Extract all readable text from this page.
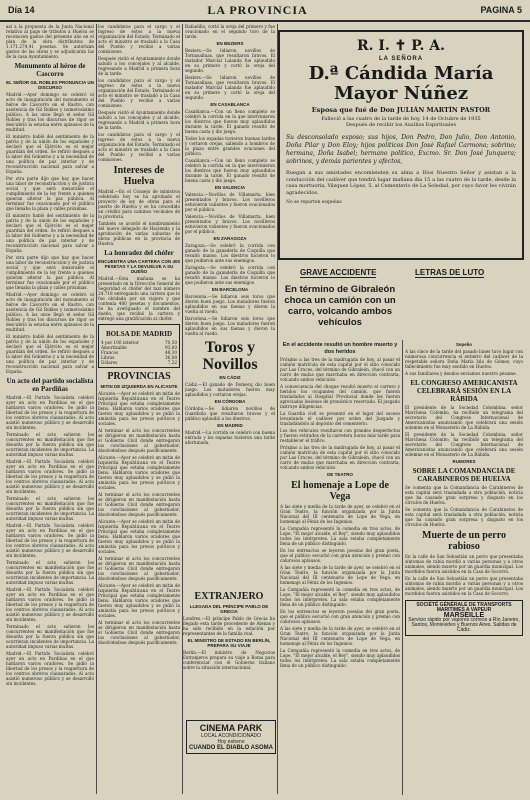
Día 14	LA PROVINCIA	PAGINA 5

así a la propuesta de la Junta Nacional relativa al pago de tributos a Huelva se reconocen gastos del presente año en el plan de la obra distributiva de 1.171.274,41 pesetas. Se autorizan gastos de las obras y se adjudicarán las de la casa Ayuntamiento.

Monumento al héroe de Cascorro
EL SEÑOR GIL ROBLES PRONUNCIA UN DISCURSO

Madrid.—Ayer domingo se celebró el acto de inauguración del monumento al héroe de Cascorro en el Rastro, con asistencia de Gil Robles y numerosísimo público. A las once llegó el señor Gil Robles y tras los discursos de rigor se descubrió la estatua entre aplausos de la multitud.

El ministro habló del sentimiento de la patria y de la unión de los españoles y declaró que el Ejército es el mejor guardián del orden. Se refirió después a la labor del Gobierno y a la necesidad de una política de paz interior y de reconstrucción nacional para salvar a España.

Por otra parte dijo que hay que hacer una labor de reconstrucción y de justicia social y que será inexorable el cumplimiento de la ley frente a quienes quieran alterar la paz pública. Al terminar fue ovacionado por el público que llenaba la plaza y calles próximas.

El ministro habló del sentimiento de la patria y de la unión de los españoles y declaró que el Ejército es el mejor guardián del orden. Se refirió después a la labor del Gobierno y a la necesidad de una política de paz interior y de reconstrucción nacional para salvar a España.

Por otra parte dijo que hay que hacer una labor de reconstrucción y de justicia social y que será inexorable el cumplimiento de la ley frente a quienes quieran alterar la paz pública. Al terminar fue ovacionado por el público que llenaba la plaza y calles próximas.

Madrid.—Ayer domingo se celebró el acto de inauguración del monumento al héroe de Cascorro en el Rastro, con asistencia de Gil Robles y numerosísimo público. A las once llegó el señor Gil Robles y tras los discursos de rigor se descubrió la estatua entre aplausos de la multitud.

El ministro habló del sentimiento de la patria y de la unión de los españoles y declaró que el Ejército es el mejor guardián del orden. Se refirió después a la labor del Gobierno y a la necesidad de una política de paz interior y de reconstrucción nacional para salvar a España.

Un acto del partido socialista en Pardiñas

Madrid.—El Partido Socialista celebró ayer un acto en Pardiñas en el que hablaron varios oradores. Se pidió la libertad de los presos y la reapertura de los centros obreros clausurados. Al acto asistió numeroso público y se desarrolló sin incidentes.

Terminado el acto salieron los concurrentes en manifestación que fue disuelta por la fuerza pública sin que ocurrieran incidentes de importancia. La autoridad impuso varias multas.

Madrid.—El Partido Socialista celebró ayer un acto en Pardiñas en el que hablaron varios oradores. Se pidió la libertad de los presos y la reapertura de los centros obreros clausurados. Al acto asistió numeroso público y se desarrolló sin incidentes.

Terminado el acto salieron los concurrentes en manifestación que fue disuelta por la fuerza pública sin que ocurrieran incidentes de importancia. La autoridad impuso varias multas.

Madrid.—El Partido Socialista celebró ayer un acto en Pardiñas en el que hablaron varios oradores. Se pidió la libertad de los presos y la reapertura de los centros obreros clausurados. Al acto asistió numeroso público y se desarrolló sin incidentes.

Terminado el acto salieron los concurrentes en manifestación que fue disuelta por la fuerza pública sin que ocurrieran incidentes de importancia. La autoridad impuso varias multas.

Madrid.—El Partido Socialista celebró ayer un acto en Pardiñas en el que hablaron varios oradores. Se pidió la libertad de los presos y la reapertura de los centros obreros clausurados. Al acto asistió numeroso público y se desarrolló sin incidentes.

Terminado el acto salieron los concurrentes en manifestación que fue disuelta por la fuerza pública sin que ocurrieran incidentes de importancia. La autoridad impuso varias multas.

Madrid.—El Partido Socialista celebró ayer un acto en Pardiñas en el que hablaron varios oradores. Se pidió la libertad de los presos y la reapertura de los centros obreros clausurados. Al acto asistió numeroso público y se desarrolló sin incidentes.

los candidatos para el cargo y el ingreso de éstos a la nueva organización del Estado. Terminado el acto el ministro se trasladó a la Casa del Pueblo y recibió a varias comisiones.

Después visitó el Ayuntamiento donde saludó a los concejales y al alcalde, regresando a Madrid a primera hora de la tarde.

los candidatos para el cargo y el ingreso de éstos a la nueva organización del Estado. Terminado el acto el ministro se trasladó a la Casa del Pueblo y recibió a varias comisiones.

Después visitó el Ayuntamiento donde saludó a los concejales y al alcalde, regresando a Madrid a primera hora de la tarde.

los candidatos para el cargo y el ingreso de éstos a la nueva organización del Estado. Terminado el acto el ministro se trasladó a la Casa del Pueblo y recibió a varias comisiones.

Intereses de Huelva

Madrid.—En el Consejo de ministros celebrado hoy se ha aprobado el proyecto de ley de obras para el puerto de Huelva y se ha concedido un crédito para caminos vecinales de la provincia.

También se acordó el nombramiento del nuevo delegado de Hacienda y la aprobación de varias subastas de obras públicas en la provincia de Huelva.

La honradez del chófer
ENCUENTRA UNA CARTERA CON 400 PESETAS Y LA DEVUELVE A SU DUEÑO

Madrid.—Esta mañana se ha presentado en la Dirección General de Seguridad el chófer del taxi número 24.718 entregando una cartera que le fue olvidada por un viajero y que contenía 400 pesetas y documentos. Se ha averiguado el nombre del dueño, que recibió la cartera y entregó una gratificación al chófer.

BOLSA DE MADRID
4 por 100 interior	70,50
Amortizable	93,00
Francos	48,30
Libras	36,08
Dólares	7,32
PROVINCIAS
MITIN DE IZQUIERDA EN ALICANTE

Alicante.—Ayer se celebró un mitin de Izquierda Republicana en el Teatro Principal que estaba completamente lleno. Hablaron varios oradores que fueron muy aplaudidos y se pidió la amnistía para los presos políticos y sociales.

Al terminar el acto los concurrentes se dirigieron en manifestación hasta el Gobierno Civil donde entregaron las conclusiones al gobernador, disolviéndose después pacíficamente.

Alicante.—Ayer se celebró un mitin de Izquierda Republicana en el Teatro Principal que estaba completamente lleno. Hablaron varios oradores que fueron muy aplaudidos y se pidió la amnistía para los presos políticos y sociales.

Al terminar el acto los concurrentes se dirigieron en manifestación hasta el Gobierno Civil donde entregaron las conclusiones al gobernador, disolviéndose después pacíficamente.

Alicante.—Ayer se celebró un mitin de Izquierda Republicana en el Teatro Principal que estaba completamente lleno. Hablaron varios oradores que fueron muy aplaudidos y se pidió la amnistía para los presos políticos y sociales.

Al terminar el acto los concurrentes se dirigieron en manifestación hasta el Gobierno Civil donde entregaron las conclusiones al gobernador, disolviéndose después pacíficamente.

Alicante.—Ayer se celebró un mitin de Izquierda Republicana en el Teatro Principal que estaba completamente lleno. Hablaron varios oradores que fueron muy aplaudidos y se pidió la amnistía para los presos políticos y sociales.

Al terminar el acto los concurrentes se dirigieron en manifestación hasta el Gobierno Civil donde entregaron las conclusiones al gobernador, disolviéndose después pacíficamente.

Rafaelillo, cortó la oreja del primero y fue ovacionado en el segundo toro de la tarde.

EN BEZIERS

Beziers.—Se lidiaron novillos de Tornasalinas, que resultaron bravos. El matador Marcial Lalanda fue aplaudido en su primero y cortó la oreja del segundo.

Beziers.—Se lidiaron novillos de Tornasalinas, que resultaron bravos. El matador Marcial Lalanda fue aplaudido en su primero y cortó la oreja del segundo.

EN CASABLANCA

Casablanca.—Con un lleno completo se celebró la corrida en la que intervinieron los diestros que fueron muy aplaudidos durante la tarde. El ganado resultó de buena casta y dio juego.

Todos los espadas tuvieron buenas tardes y cortaron orejas, saliendo a hombros de la plaza entre grandes ovaciones del público.

Casablanca.—Con un lleno completo se celebró la corrida en la que intervinieron los diestros que fueron muy aplaudidos durante la tarde. El ganado resultó de buena casta y dio juego.

EN VALENCIA

Valencia.—Novillos de Villamarta, bien presentados y bravos. Los novilleros estuvieron valientes y fueron ovacionados por el público.

Valencia.—Novillos de Villamarta, bien presentados y bravos. Los novilleros estuvieron valientes y fueron ovacionados por el público.

EN ZARAGOZA

Zaragoza.—Se celebró la corrida con ganado de la ganadería de Coquilla que resultó manso. Los diestros hicieron lo que pudieron ante sus enemigos.

Zaragoza.—Se celebró la corrida con ganado de la ganadería de Coquilla que resultó manso. Los diestros hicieron lo que pudieron ante sus enemigos.

EN BARCELONA

Barcelona.—Se lidiaron seis toros que dieron buen juego. Los matadores fueron aplaudidos en sus faenas y dieron la vuelta al ruedo.

Barcelona.—Se lidiaron seis toros que dieron buen juego. Los matadores fueron aplaudidos en sus faenas y dieron la vuelta al ruedo.

Toros y Novillos
EN CÁDIZ

Cádiz.—El ganado de Domecq dio buen juego. Los matadores fueron muy aplaudidos y cortaron orejas.

EN CÓRDOBA

Córdoba.—Se lidiaron novillos de Guardiola que resultaron bravos y el público aplaudió a los diestros.

EN MADRID

Madrid.—La corrida se celebró con buena entrada y los espadas tuvieron una tarde afortunada.

EXTRANJERO
LLEGADA DEL PRÍNCIPE PABLO DE GRECIA

Londres.—El príncipe Pablo de Grecia ha llegado esta tarde procedente de Atenas y ha sido recibido en la estación por representantes de la familia real.

EL MINISTRO DE ESTADO EN BERLÍN, PREPARA SU VIAJE

Berlín.—El ministro de Negocios Extranjeros prepara su viaje a Roma para conferenciar con el Gobierno italiano sobre la situación internacional.

CINEMA PARK
LOCAL ACONDICIONADO
Hoy estreno
CUANDO EL DIABLO ASOMA
R. I. ✝ P. A.
LA SEÑORA
D.ª Cándida María Mayor Núñez
Esposa que fué de Don JULIÁN MARTÍN PASTOR
Falleció a las cuatro de la tarde de hoy, 14 de Octubre de 1935
Después de recibir los Auxilios Espirituales
Su desconsolado esposo; sus hijos, Don Pedro, Don Julio, Don Antonio, Doña Pilar y Don Eloy; hijos políticos Don José Rafael Carmona; sobrino; hermana, Doña Isabel; hermano político, Excmo. Sr. Don José Junquera; sobrinos, y demás parientes y afectos,
Ruegan a sus amistades encomienden su alma a Dios Nuestro Señor y asistan a la conducción del cadáver que tendrá lugar mañana día 15 a las cuatro de la tarde, desde la casa mortuoria, Vázquez López, 5, al Cementerio de La Soledad, por cuyo favor les vivirán agradecidos.
No se reparten esquelas
GRAVE ACCIDENTE	LETRAS DE LUTO
En término de Gibraleón choca un camión con un carro, volcando ambos vehículos
En el accidente resultó un hombre muerto y dos heridos

Próximo a las tres de la madrugada de hoy, al pasar el camión matrícula de esta capital por el sitio conocido por Las Cruces, del término de Gibraleón, chocó con un carro de mulas que marchaba en dirección contraria, volcando ambos vehículos.

A consecuencia del choque resultó muerto el carrero y heridos los ocupantes del camión, que fueron trasladados al Hospital Provincial donde les fueron apreciadas lesiones de pronóstico reservado. El juzgado instruye diligencias.

La Guardia civil se presentó en el lugar del suceso levantando el cadáver por orden del Juzgado y trasladándolo al depósito del cementerio.

Los dos vehículos resultaron con grandes desperfectos y fueron retirados de la carretera horas más tarde para restablecer el tráfico.

Próximo a las tres de la madrugada de hoy, al pasar el camión matrícula de esta capital por el sitio conocido por Las Cruces, del término de Gibraleón, chocó con un carro de mulas que marchaba en dirección contraria, volcando ambos vehículos.

DE TEATRO
El homenaje a Lope de Vega

A las siete y media de la tarde de ayer, se celebró en el Gran Teatro, la función organizada por la Junta Nacional del III centenario de Lope de Vega, en homenaje al Fénix de los Ingenios.

La Compañía representó la comedia en tres actos, de Lope, "El mejor alcalde, el Rey", siendo muy aplaudidos todos los intérpretes. La sala estaba completamente llena de un público distinguido.

En los entreactos se leyeron poesías del gran poeta, que el público escuchó con gran atención y premió con calurosos aplausos.

A las siete y media de la tarde de ayer, se celebró en el Gran Teatro, la función organizada por la Junta Nacional del III centenario de Lope de Vega, en homenaje al Fénix de los Ingenios.

La Compañía representó la comedia en tres actos, de Lope, "El mejor alcalde, el Rey", siendo muy aplaudidos todos los intérpretes. La sala estaba completamente llena de un público distinguido.

En los entreactos se leyeron poesías del gran poeta, que el público escuchó con gran atención y premió con calurosos aplausos.

A las siete y media de la tarde de ayer, se celebró en el Gran Teatro, la función organizada por la Junta Nacional del III centenario de Lope de Vega, en homenaje al Fénix de los Ingenios.

La Compañía representó la comedia en tres actos, de Lope, "El mejor alcalde, el Rey", siendo muy aplaudidos todos los intérpretes. La sala estaba completamente llena de un público distinguido.

Sepelio

A las cinco de la tarde del pasado lunes tuvo lugar con numerosa concurrencia el entierro del cadáver de la respetable señora Doña María Isla de Gómez, cuyo fallecimiento fue muy sentido en Huelva.

A sus familiares y deudos enviamos nuestro pésame.

EL CONGRESO AMERICANISTA CELEBRARÁ SESIÓN EN LA RÁBIDA

El presidente de la Sociedad Colombina, señor Marchena Colombo, ha recibido un telegrama del secretario del Congreso Internacional de Americanistas anunciando que celebrará una sesión solemne en el Monasterio de La Rábida.

El presidente de la Sociedad Colombina, señor Marchena Colombo, ha recibido un telegrama del secretario del Congreso Internacional de Americanistas anunciando que celebrará una sesión solemne en el Monasterio de La Rábida.

RUMORES
SOBRE LA COMANDANCIA DE CARABINEROS DE HUELVA

Se comenta que la Comandancia de Carabineros de esta capital será trasladada a otra población, noticia que ha causado gran sorpresa y disgusto en los círculos de Huelva.

Se comenta que la Comandancia de Carabineros de esta capital será trasladada a otra población, noticia que ha causado gran sorpresa y disgusto en los círculos de Huelva.

Muerte de un perro rabioso

En la calle de San Sebastián un perro que presentaba síntomas de rabia mordió a varias personas y a otros animales, siendo muerto por un guardia municipal. Los mordidos fueron asistidos en la Casa de Socorro.

En la calle de San Sebastián un perro que presentaba síntomas de rabia mordió a varias personas y a otros animales, siendo muerto por un guardia municipal. Los mordidos fueron asistidos en la Casa de Socorro.

SOCIÉTÉ GÉNÉRALE DE TRANSPORTS MARITIMES A VAPEUR
MARSEILLE
Servicio rápido por vapores correos a Río Janeiro, Santos, Montevideo y Buenos Aires. Salidas de Cádiz.
